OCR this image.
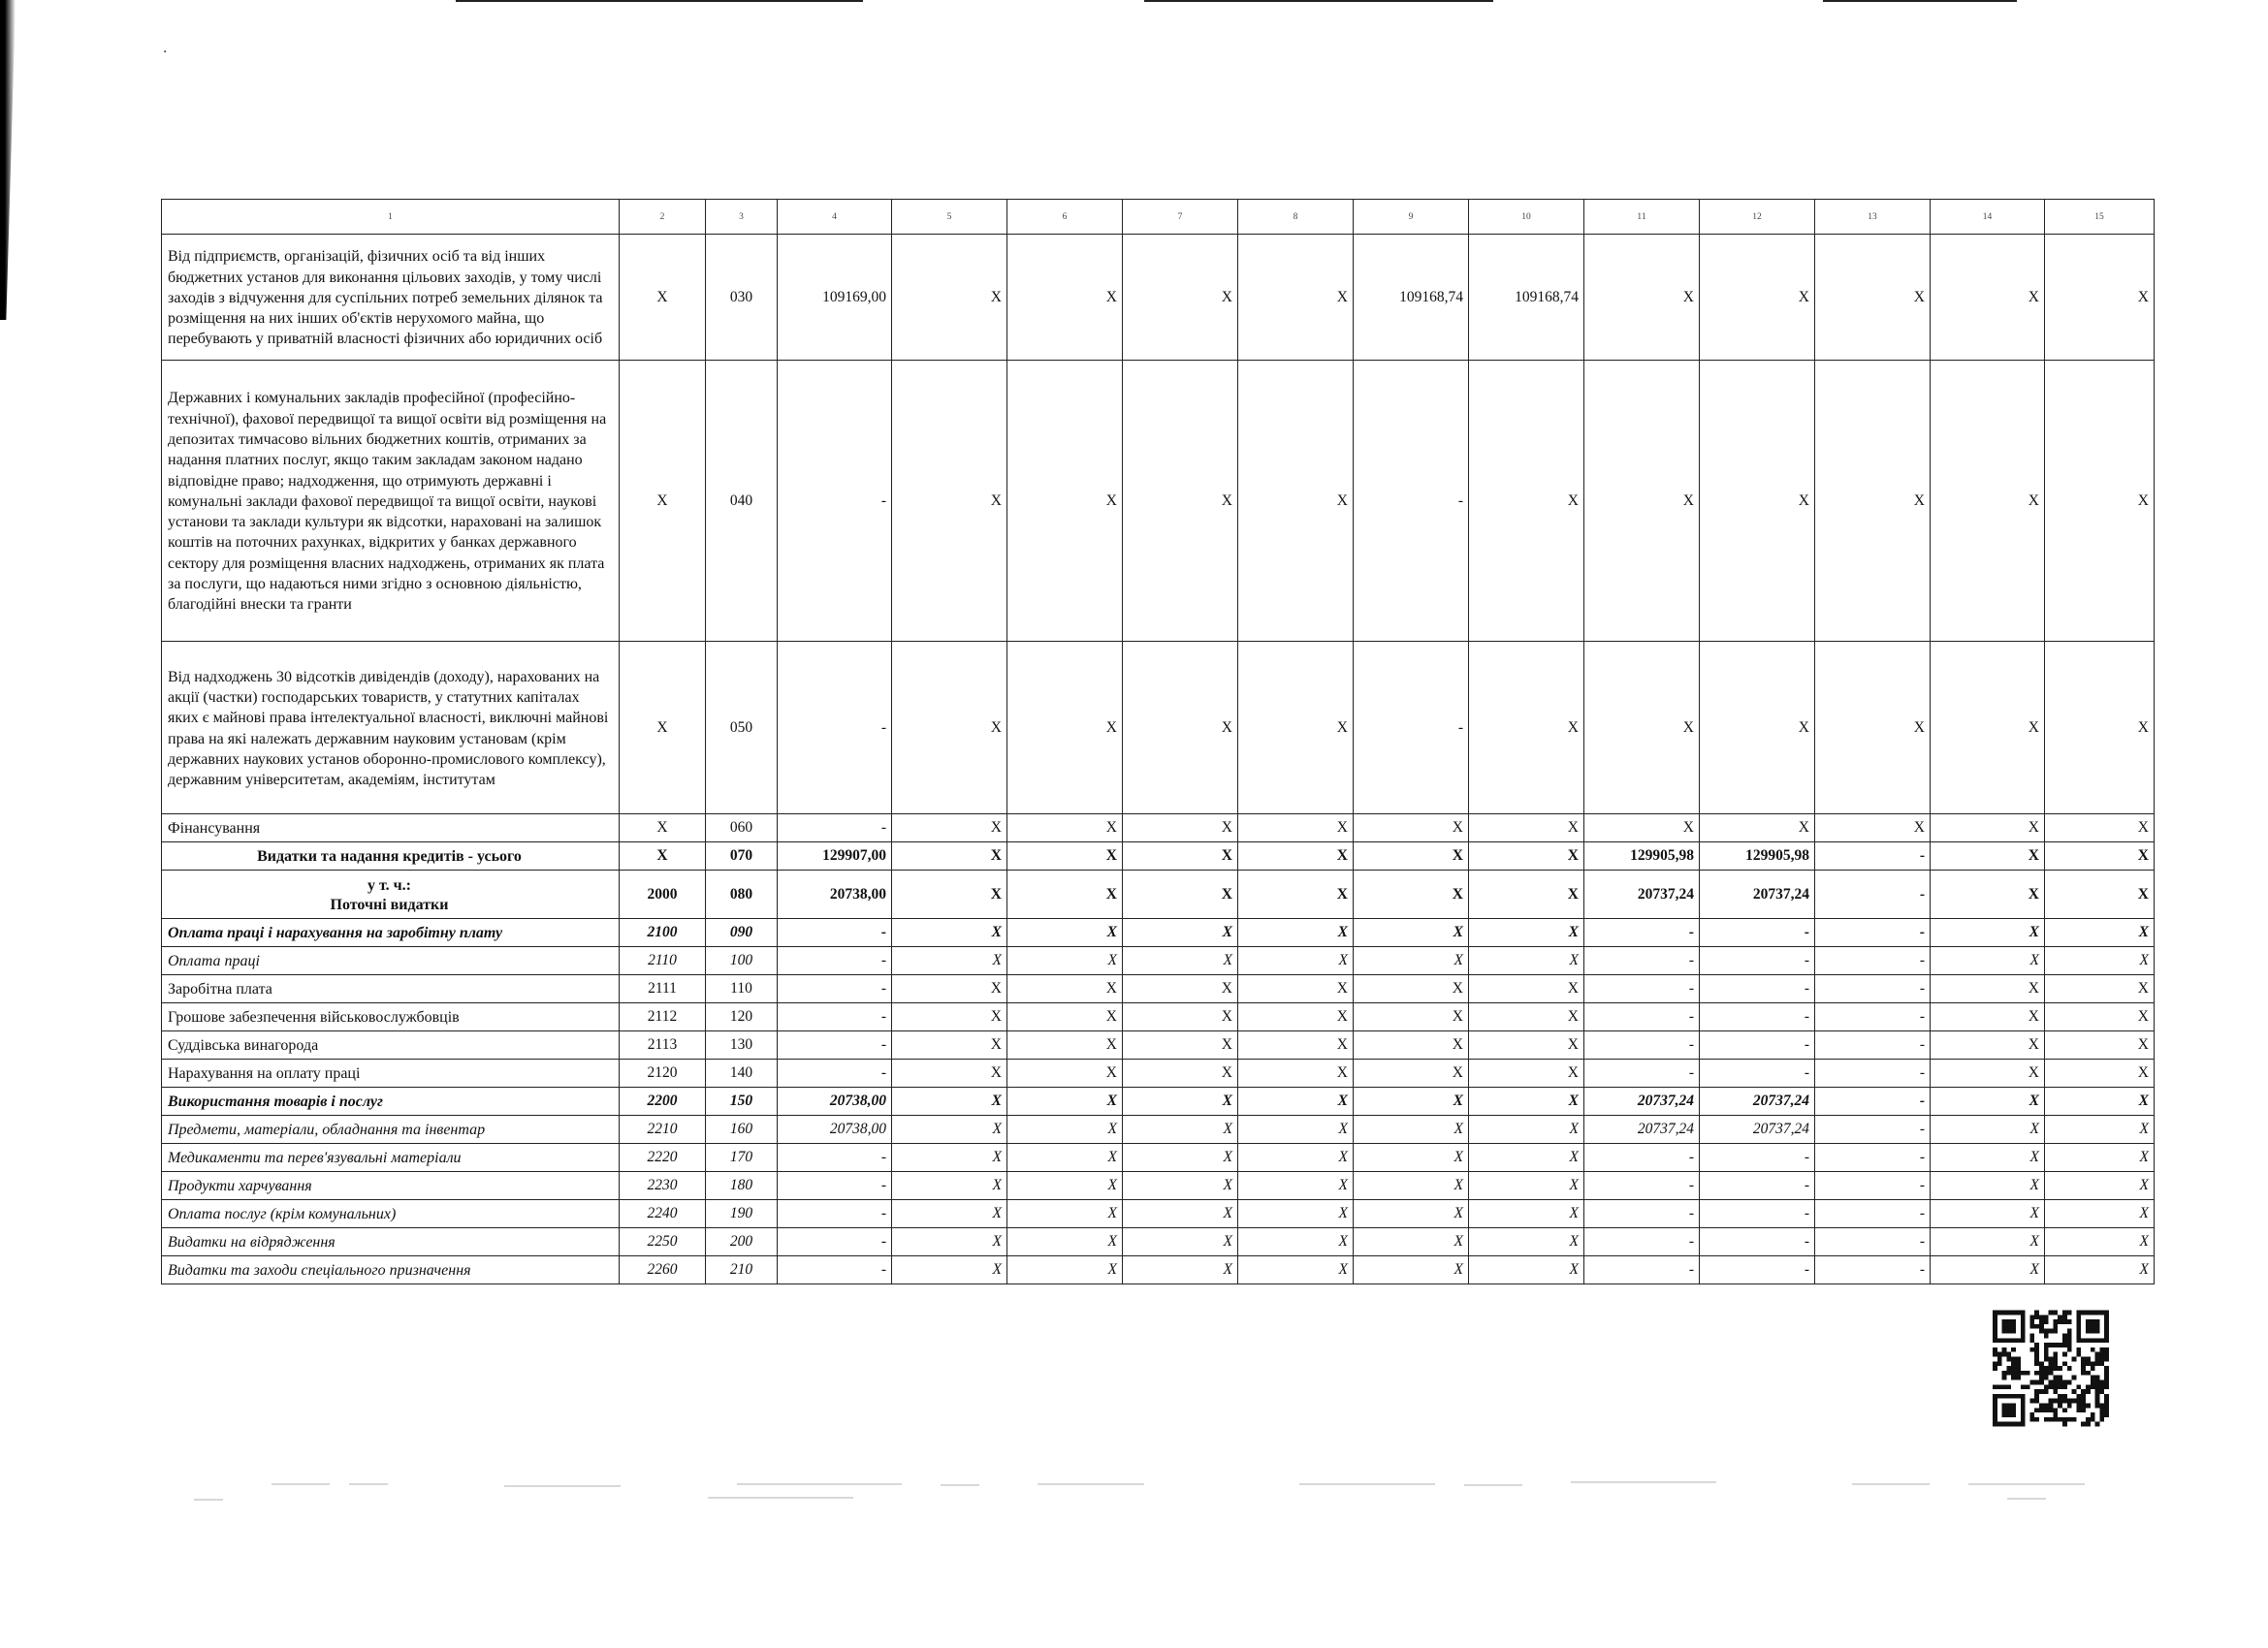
·
1	2	3	4	5	6	7	8	9	10	11	12	13	14	15
Від підприємств, організацій, фізичних осіб та від інших бюджетних установ для виконання цільових заходів, у тому числі заходів з відчуження для суспільних потреб земельних ділянок та розміщення на них інших об'єктів нерухомого майна, що перебувають у приватній власності фізичних або юридичних осіб	X	030	109169,00	X	X	X	X	109168,74	109168,74	X	X	X	X	X
Державних і комунальних закладів професійної (професійно-технічної), фахової передвищої та вищої освіти від розміщення на депозитах тимчасово вільних бюджетних коштів, отриманих за надання платних послуг, якщо таким закладам законом надано відповідне право; надходження, що отримують державні і комунальні заклади фахової передвищої та вищої освіти, наукові установи та заклади культури як відсотки, нараховані на залишок коштів на поточних рахунках, відкритих у банках державного сектору для розміщення власних надходжень, отриманих як плата за послуги, що надаються ними згідно з основною діяльністю, благодійні внески та гранти	X	040	-	X	X	X	X	-	X	X	X	X	X	X
Від надходжень 30 відсотків дивідендів (доходу), нарахованих на акції (частки) господарських товариств, у статутних капіталах яких є майнові права інтелектуальної власності, виключні майнові права на які належать державним науковим установам (крім державних наукових установ оборонно-промислового комплексу), державним університетам, академіям, інститутам	X	050	-	X	X	X	X	-	X	X	X	X	X	X
Фінансування	X	060	-	X	X	X	X	X	X	X	X	X	X	X
Видатки та надання кредитів - усього	X	070	129907,00	X	X	X	X	X	X	129905,98	129905,98	-	X	X
у т. ч.:
Поточні видатки	2000	080	20738,00	X	X	X	X	X	X	20737,24	20737,24	-	X	X
Оплата праці і нарахування на заробітну плату	2100	090	-	X	X	X	X	X	X	-	-	-	X	X
Оплата праці	2110	100	-	X	X	X	X	X	X	-	-	-	X	X
Заробітна плата	2111	110	-	X	X	X	X	X	X	-	-	-	X	X
Грошове забезпечення військовослужбовців	2112	120	-	X	X	X	X	X	X	-	-	-	X	X
Суддівська винагорода	2113	130	-	X	X	X	X	X	X	-	-	-	X	X
Нарахування на оплату праці	2120	140	-	X	X	X	X	X	X	-	-	-	X	X
Використання товарів і послуг	2200	150	20738,00	X	X	X	X	X	X	20737,24	20737,24	-	X	X
Предмети, матеріали, обладнання та інвентар	2210	160	20738,00	X	X	X	X	X	X	20737,24	20737,24	-	X	X
Медикаменти та перев'язувальні матеріали	2220	170	-	X	X	X	X	X	X	-	-	-	X	X
Продукти харчування	2230	180	-	X	X	X	X	X	X	-	-	-	X	X
Оплата послуг (крім комунальних)	2240	190	-	X	X	X	X	X	X	-	-	-	X	X
Видатки на відрядження	2250	200	-	X	X	X	X	X	X	-	-	-	X	X
Видатки та заходи спеціального призначення	2260	210	-	X	X	X	X	X	X	-	-	-	X	X
